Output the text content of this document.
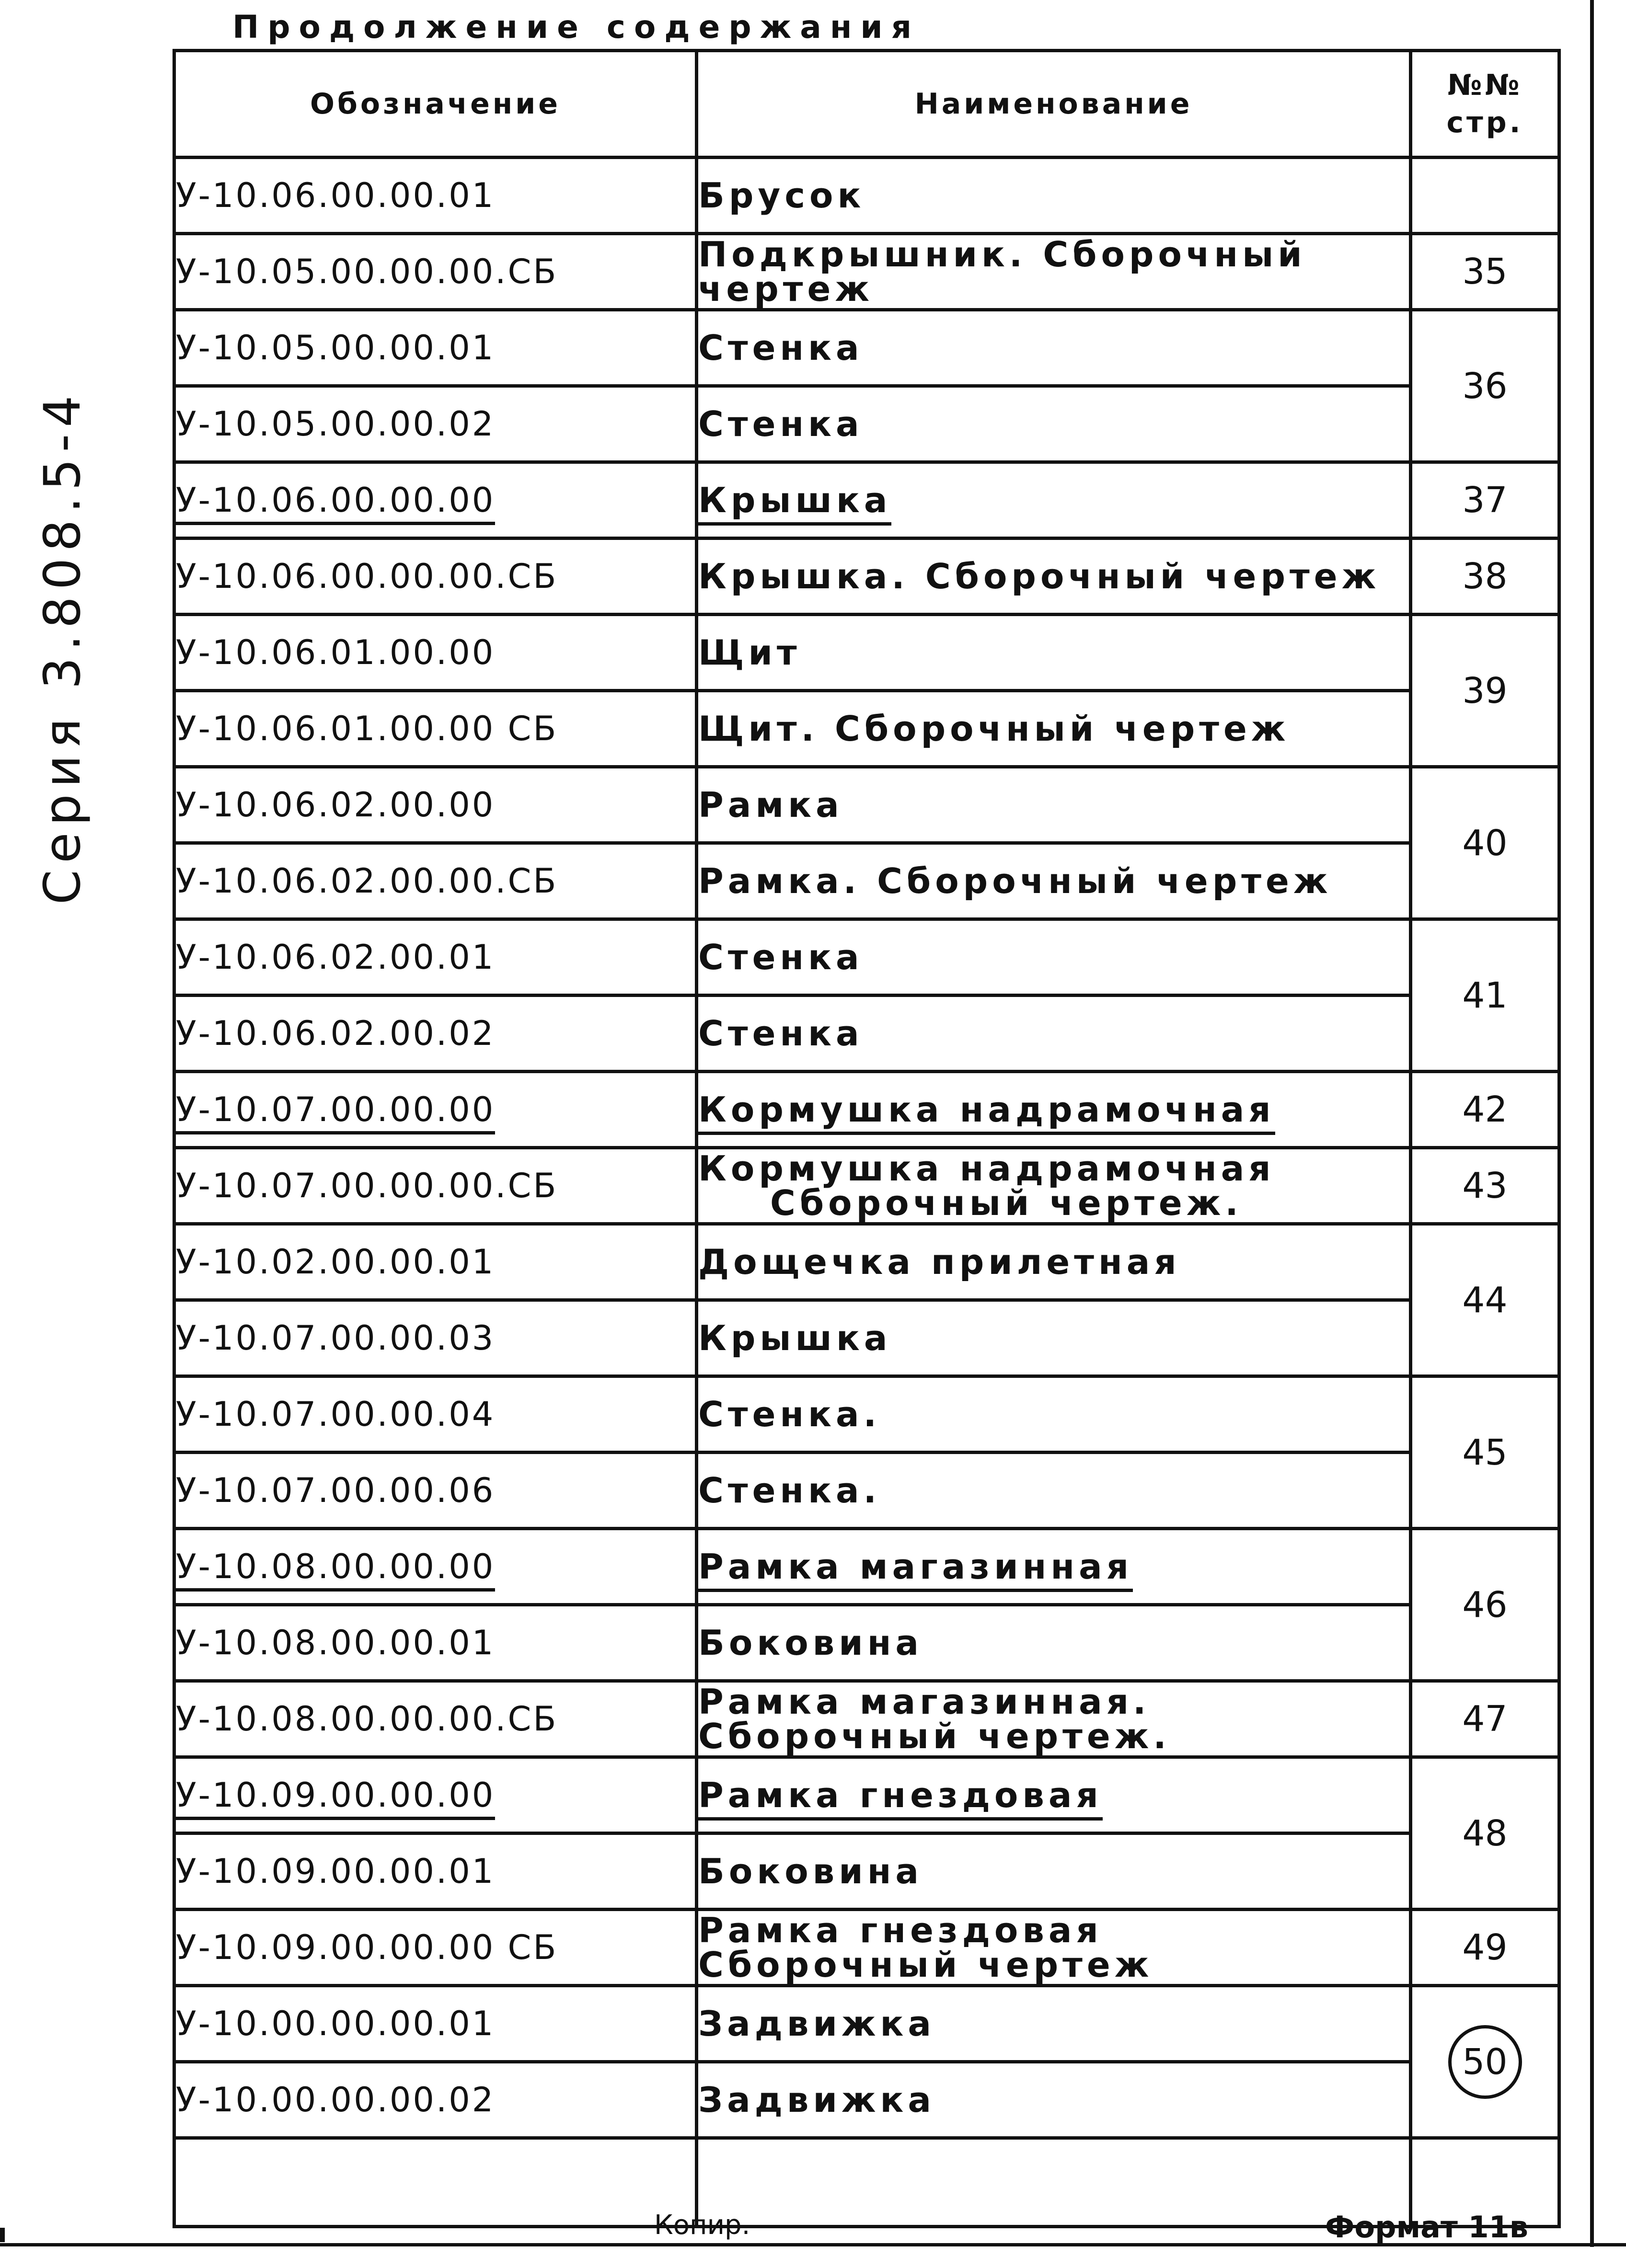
Продолжение содержания
Серия 3.808.5-4
Обозначение	Наименование	№№ стр.
У-10.06.00.00.01	Брусок	
У-10.05.00.00.00.СБ	Подкрышник. Сборочный чертеж	35
У-10.05.00.00.01	Стенка	36
У-10.05.00.00.02	Стенка	
У-10.06.00.00.00	Крышка	37
У-10.06.00.00.00.СБ	Крышка. Сборочный чертеж	38
У-10.06.01.00.00	Щит	39
У-10.06.01.00.00 СБ	Щит. Сборочный чертеж	
У-10.06.02.00.00	Рамка	40
У-10.06.02.00.00.СБ	Рамка. Сборочный чертеж	
У-10.06.02.00.01	Стенка	41
У-10.06.02.00.02	Стенка	
У-10.07.00.00.00	Кормушка надрамочная	42
У-10.07.00.00.00.СБ	Кормушка надрамочная
Сборочный чертеж.	43
У-10.02.00.00.01	Дощечка прилетная	44
У-10.07.00.00.03	Крышка	
У-10.07.00.00.04	Стенка.	45
У-10.07.00.00.06	Стенка.	
У-10.08.00.00.00	Рамка магазинная	46
У-10.08.00.00.01	Боковина	
У-10.08.00.00.00.СБ	Рамка магазинная.
Сборочный чертеж.	47
У-10.09.00.00.00	Рамка гнездовая	48
У-10.09.00.00.01	Боковина	
У-10.09.00.00.00 СБ	Рамка гнездовая
Сборочный чертеж	49
У-10.00.00.00.01	Задвижка	50
У-10.00.00.00.02	Задвижка	

Копир.	Формат 11в
